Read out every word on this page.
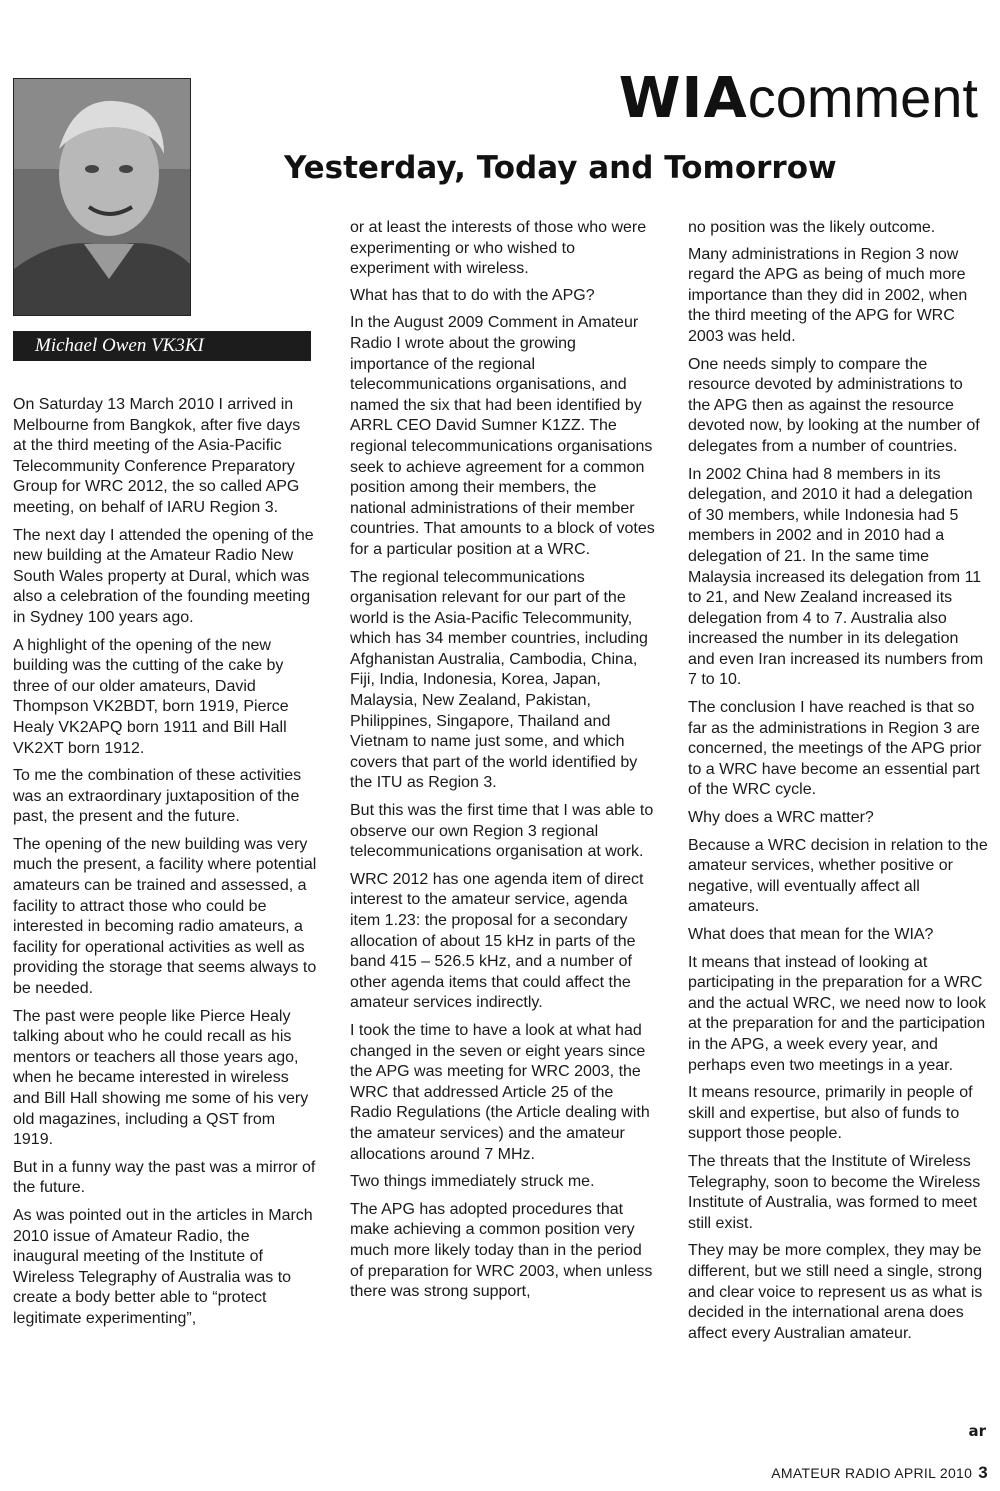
Michael Owen VK3KI
WIAcomment
Yesterday, Today and Tomorrow

On Saturday 13 March 2010 I arrived in Melbourne from Bangkok, after five days at the third meeting of the Asia-Pacific Telecommunity Conference Preparatory Group for WRC 2012, the so called APG meeting, on behalf of IARU Region 3.

The next day I attended the opening of the new building at the Amateur Radio New South Wales property at Dural, which was also a celebration of the founding meeting in Sydney 100 years ago.

A highlight of the opening of the new building was the cutting of the cake by three of our older amateurs, David Thompson VK2BDT, born 1919, Pierce Healy VK2APQ born 1911 and Bill Hall VK2XT born 1912.

To me the combination of these activities was an extraordinary juxtaposition of the past, the present and the future.

The opening of the new building was very much the present, a facility where potential amateurs can be trained and assessed, a facility to attract those who could be interested in becoming radio amateurs, a facility for operational activities as well as providing the storage that seems always to be needed.

The past were people like Pierce Healy talking about who he could recall as his mentors or teachers all those years ago, when he became interested in wireless and Bill Hall showing me some of his very old magazines, including a QST from 1919.

But in a funny way the past was a mirror of the future.

As was pointed out in the articles in March 2010 issue of Amateur Radio, the inaugural meeting of the Institute of Wireless Telegraphy of Australia was to create a body better able to “protect legitimate experimenting”,

or at least the interests of those who were experimenting or who wished to experiment with wireless.

What has that to do with the APG?

In the August 2009 Comment in Amateur Radio I wrote about the growing importance of the regional telecommunications organisations, and named the six that had been identified by ARRL CEO David Sumner K1ZZ. The regional telecommunications organisations seek to achieve agreement for a common position among their members, the national administrations of their member countries. That amounts to a block of votes for a particular position at a WRC.

The regional telecommunications organisation relevant for our part of the world is the Asia-Pacific Telecommunity, which has 34 member countries, including Afghanistan Australia, Cambodia, China, Fiji, India, Indonesia, Korea, Japan, Malaysia, New Zealand, Pakistan, Philippines, Singapore, Thailand and Vietnam to name just some, and which covers that part of the world identified by the ITU as Region 3.

But this was the first time that I was able to observe our own Region 3 regional telecommunications organisation at work.

WRC 2012 has one agenda item of direct interest to the amateur service, agenda item 1.23: the proposal for a secondary allocation of about 15 kHz in parts of the band 415 – 526.5 kHz, and a number of other agenda items that could affect the amateur services indirectly.

I took the time to have a look at what had changed in the seven or eight years since the APG was meeting for WRC 2003, the WRC that addressed Article 25 of the Radio Regulations (the Article dealing with the amateur services) and the amateur allocations around 7 MHz.

Two things immediately struck me.

The APG has adopted procedures that make achieving a common position very much more likely today than in the period of preparation for WRC 2003, when unless there was strong support,

no position was the likely outcome.

Many administrations in Region 3 now regard the APG as being of much more importance than they did in 2002, when the third meeting of the APG for WRC 2003 was held.

One needs simply to compare the resource devoted by administrations to the APG then as against the resource devoted now, by looking at the number of delegates from a number of countries.

In 2002 China had 8 members in its delegation, and 2010 it had a delegation of 30 members, while Indonesia had 5 members in 2002 and in 2010 had a delegation of 21. In the same time Malaysia increased its delegation from 11 to 21, and New Zealand increased its delegation from 4 to 7. Australia also increased the number in its delegation and even Iran increased its numbers from 7 to 10.

The conclusion I have reached is that so far as the administrations in Region 3 are concerned, the meetings of the APG prior to a WRC have become an essential part of the WRC cycle.

Why does a WRC matter?

Because a WRC decision in relation to the amateur services, whether positive or negative, will eventually affect all amateurs.

What does that mean for the WIA?

It means that instead of looking at participating in the preparation for a WRC and the actual WRC, we need now to look at the preparation for and the participation in the APG, a week every year, and perhaps even two meetings in a year.

It means resource, primarily in people of skill and expertise, but also of funds to support those people.

The threats that the Institute of Wireless Telegraphy, soon to become the Wireless Institute of Australia, was formed to meet still exist.

They may be more complex, they may be different, but we still need a single, strong and clear voice to represent us as what is decided in the international arena does affect every Australian amateur.

ar
AMATEUR RADIO APRIL 2010 3
